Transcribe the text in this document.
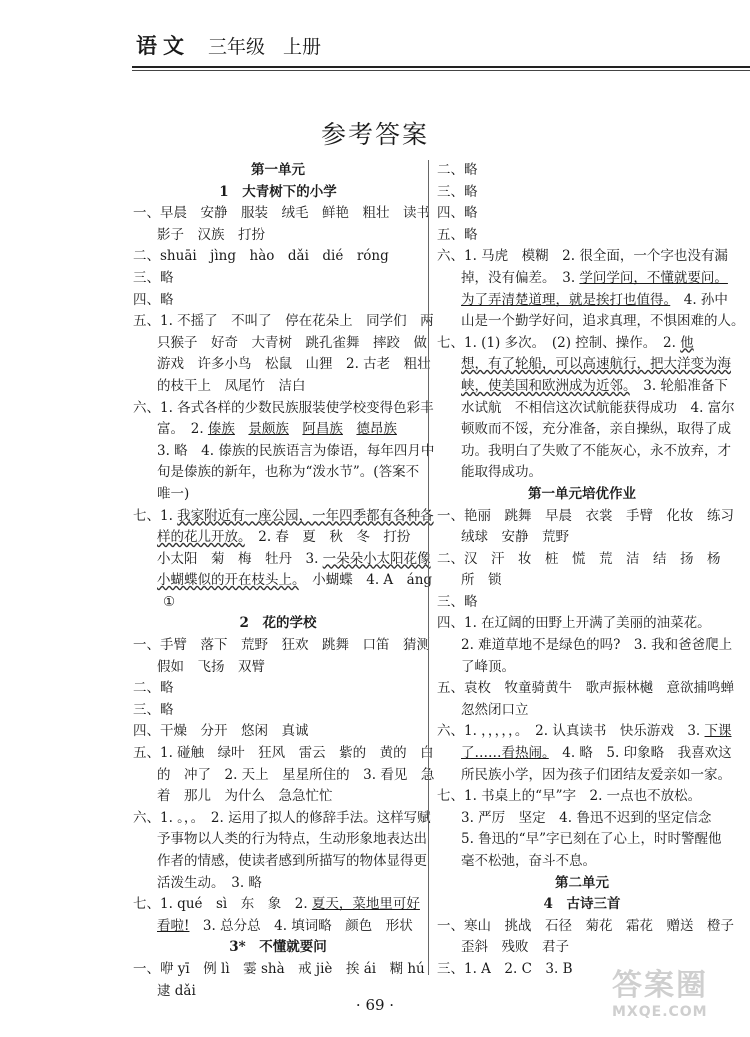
语文 三年级 上册
参考答案
第一单元
1　大青树下的小学
一、早晨　安静　服装　绒毛　鲜艳　粗壮　读书
影子　汉族　打扮
二、shuāi　jìng　hào　dǎi　dié　róng
三、略
四、略
五、1. 不摇了　不叫了　停在花朵上　同学们　两
只猴子　好奇　大青树　跳孔雀舞　摔跤　做
游戏　许多小鸟　松鼠　山狸　2. 古老　粗壮
的枝干上　凤尾竹　洁白
六、1. 各式各样的少数民族服装使学校变得色彩丰
富。　2. 傣族　 景颇族　 阿昌族　 德昂族
3. 略　4. 傣族的民族语言为傣语，每年四月中
旬是傣族的新年，也称为“泼水节”。(答案不
唯一)
七、1. 我家附近有一座公园，一年四季都有各种各
样的花儿开放。　2. 春　夏　秋　冬　打扮
小太阳　菊　梅　牡丹　3. 一朵朵小太阳花像
小蝴蝶似的开在枝头上。　小蝴蝶　4. A　áng
①
2　花的学校
一、手臂　落下　荒野　狂欢　跳舞　口笛　猜测
假如　飞扬　双臂
二、略
三、略
四、干燥　分开　悠闲　真诚
五、1. 碰触　绿叶　狂风　雷云　紫的　黄的　白
的　冲了　2. 天上　星星所住的　3. 看见　急
着　那儿　为什么　急急忙忙
六、1. 。，。　2. 运用了拟人的修辞手法。这样写赋
予事物以人类的行为特点，生动形象地表达出
作者的情感，使读者感到所描写的物体显得更
活泼生动。　3. 略
七、1. qué　sì　东　象　2. 夏天，菜地里可好
看啦!　3. 总分总　4. 填词略　颜色　形状
3*　不懂就要问
一、咿 yī　例 lì　霎 shà　戒 jiè　挨 ái　糊 hú
逮 dǎi
二、略
三、略
四、略
五、略
六、1. 马虎　模糊　2. 很全面，一个字也没有漏
掉，没有偏差。　3. 学问学问，不懂就要问。
为了弄清楚道理，就是挨打也值得。　4. 孙中
山是一个勤学好问，追求真理，不惧困难的人。
七、1. (1) 多次。　(2) 控制、操作。　2. 他
想，有了轮船，可以高速航行，把大洋变为海
峡，使美国和欧洲成为近邻。　3. 轮船准备下
水试航　不相信这次试航能获得成功　4. 富尔
顿败而不馁，充分准备，亲自操纵，取得了成
功。我明白了失败了不能灰心，永不放弃，才
能取得成功。
第一单元培优作业
一、艳丽　跳舞　早晨　衣裳　手臂　化妆　练习
绒球　安静　荒野
二、汉　汗　妆　桩　慌　荒　洁　结　扬　杨
所　锁
三、略
四、1. 在辽阔的田野上开满了美丽的油菜花。
2. 难道草地不是绿色的吗?　3. 我和爸爸爬上
了峰顶。
五、袁枚　牧童骑黄牛　歌声振林樾　意欲捕鸣蝉
忽然闭口立
六、1. ，，，，，。　2. 认真读书　快乐游戏　3. 下课
了……看热闹。　4. 略　5. 印象略　我喜欢这
所民族小学，因为孩子们团结友爱亲如一家。
七、1. 书桌上的“早”字　2. 一点也不放松。
3. 严厉　坚定　4. 鲁迅不迟到的坚定信念
5. 鲁迅的“早”字已刻在了心上，时时警醒他
毫不松弛，奋斗不息。
第二单元
4　古诗三首
一、寒山　挑战　石径　菊花　霜花　赠送　橙子
歪斜　残败　君子
三、1. A　2. C　3. B
· 69 ·
答案圈
MXQE.COM
